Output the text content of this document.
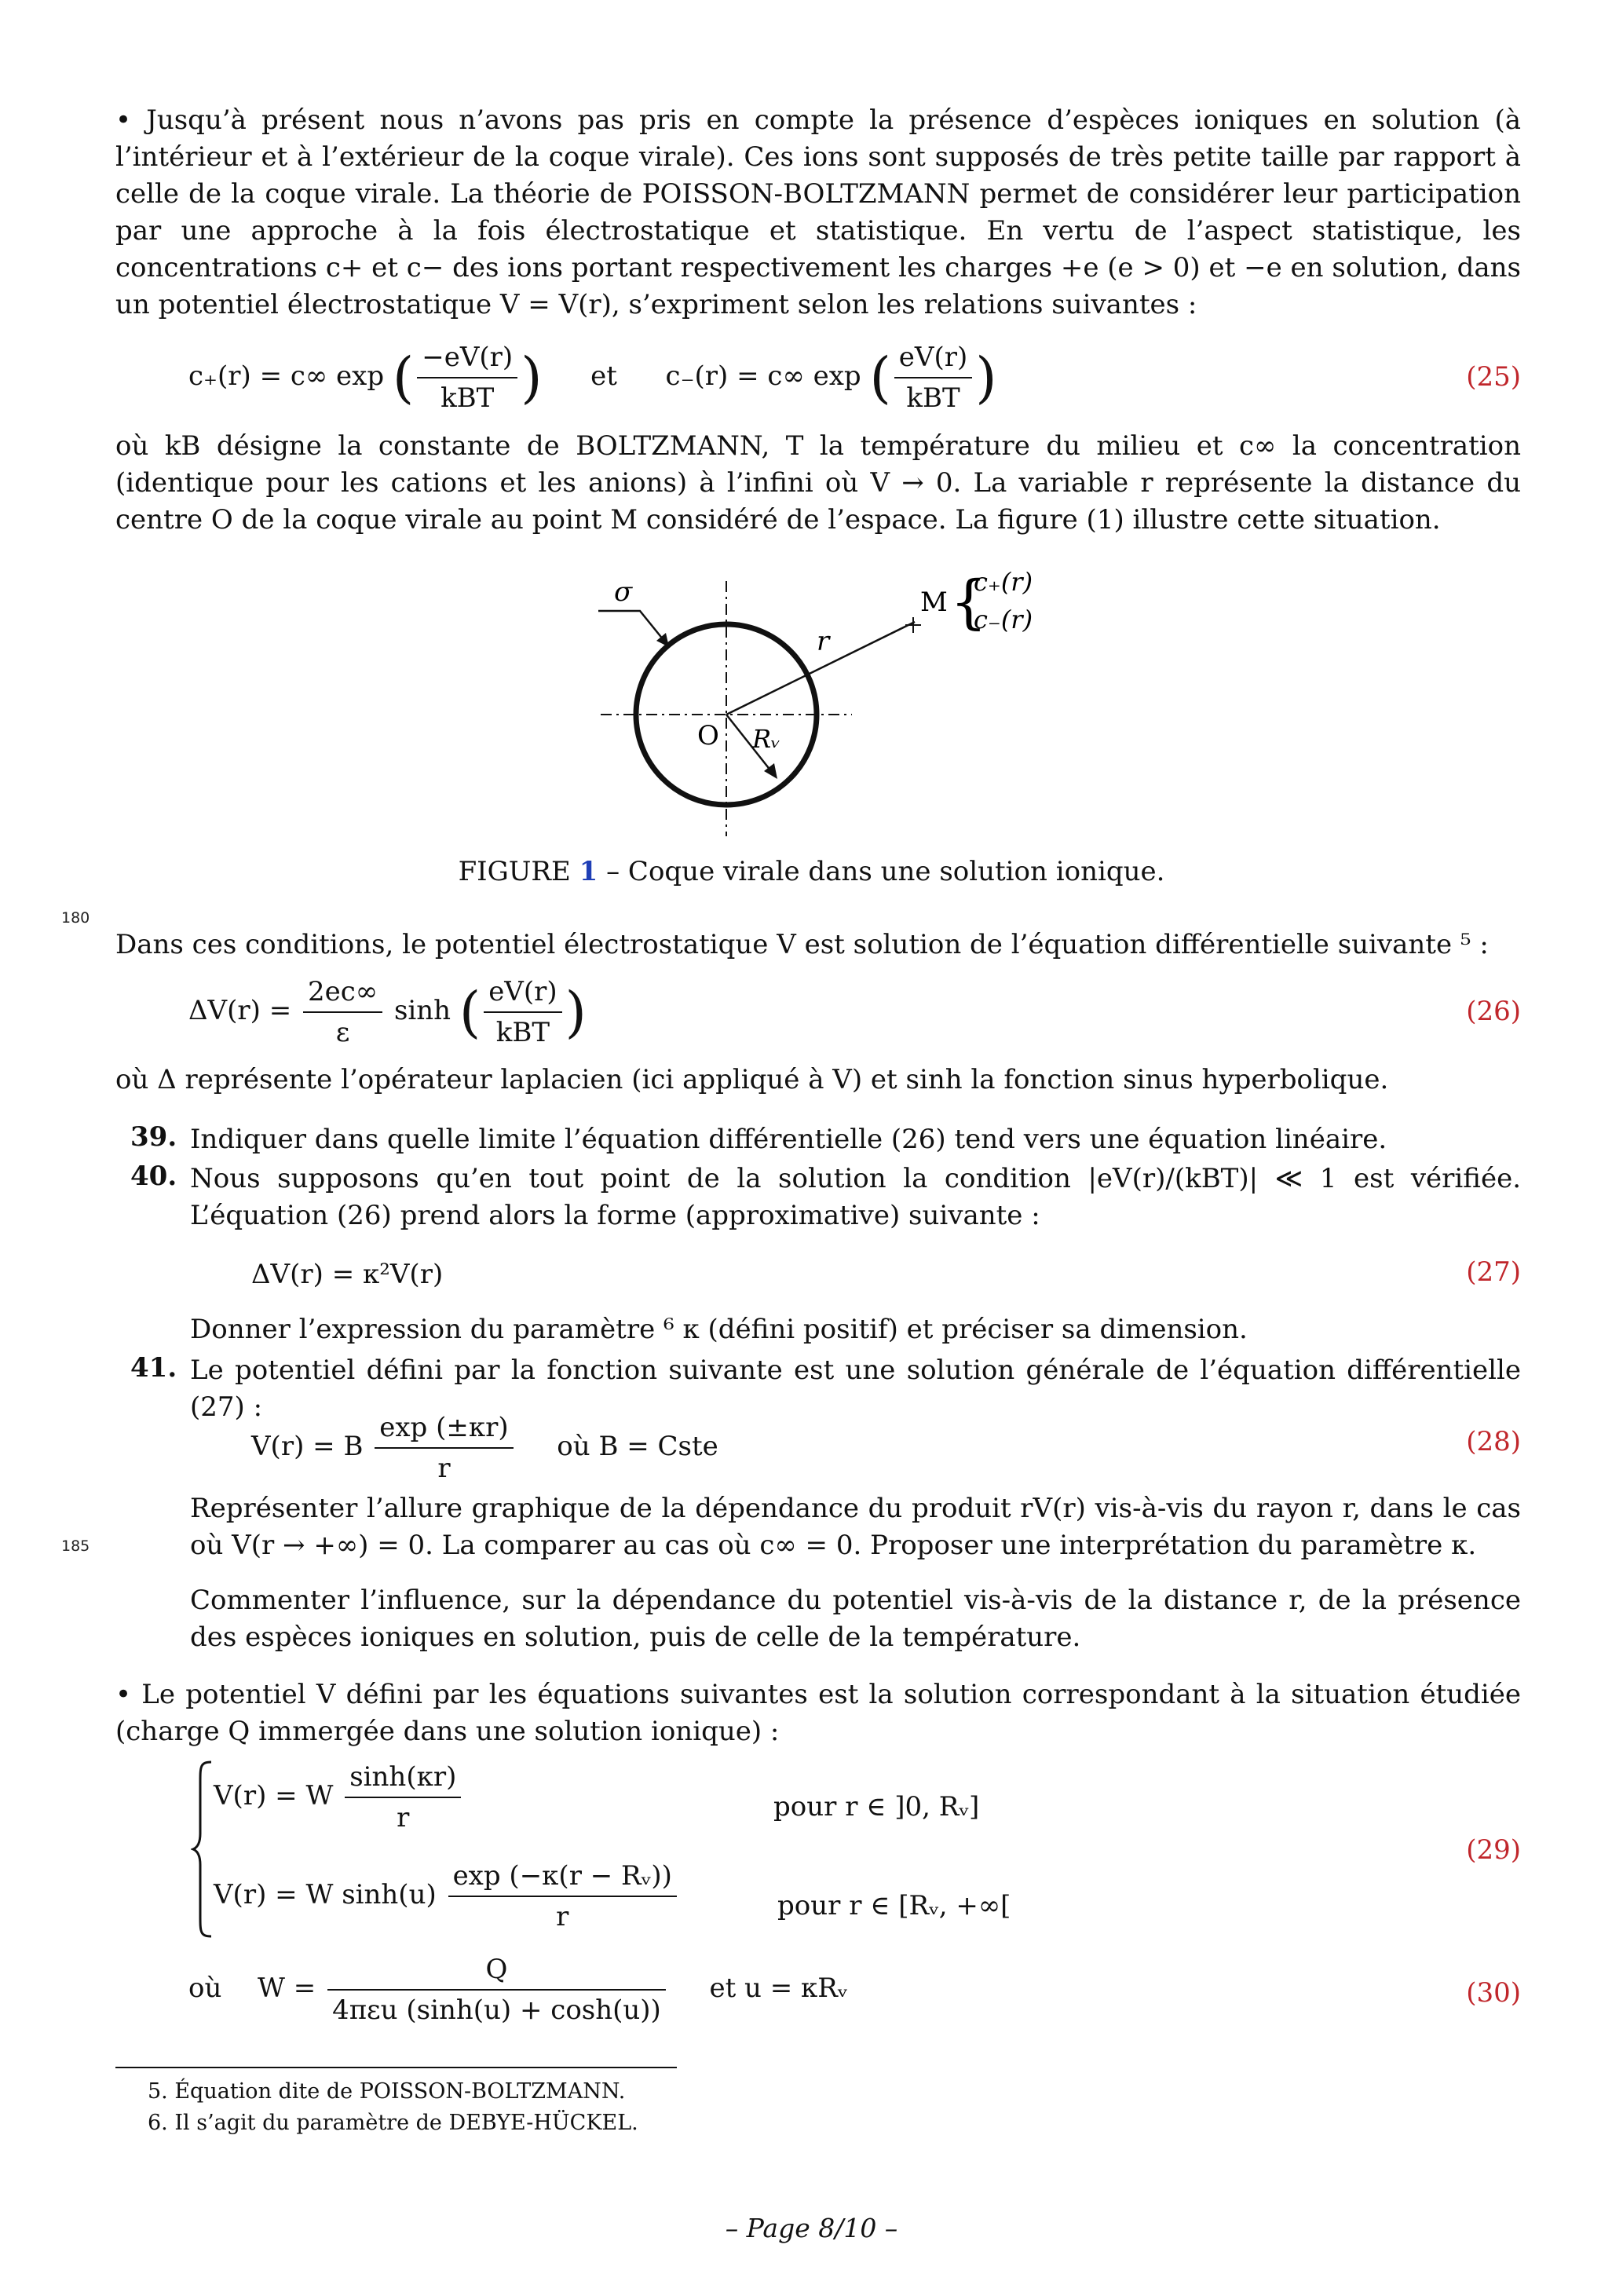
• Jusqu’à présent nous n’avons pas pris en compte la présence d’espèces ioniques en solution (à l’intérieur et à l’extérieur de la coque virale). Ces ions sont supposés de très petite taille par rapport à celle de la coque virale. La théorie de POISSON-BOLTZMANN permet de considérer leur participation par une approche à la fois électrostatique et statistique. En vertu de l’aspect statistique, les concentrations c+ et c− des ions portant respectivement les charges +e (e > 0) et −e en solution, dans un potentiel électrostatique V = V(r), s’expriment selon les relations suivantes :
c₊(r) = c∞ exp ( $\frac{-eV(r)}{\text{kBT}}$ ) et c₋(r) = c∞ exp ( $\frac{eV(r)}{\text{kBT}}$ )	(25)
où kB désigne la constante de BOLTZMANN, T la température du milieu et c∞ la concentration (identique pour les cations et les anions) à l’infini où V → 0. La variable r représente la distance du centre O de la coque virale au point M considéré de l’espace. La figure (1) illustre cette situation.
σ
r
M {
c₊(r)
c₋(r)
O Rᵥ
FIGURE 1 – Coque virale dans une solution ionique.
180
Dans ces conditions, le potentiel électrostatique V est solution de l’équation différentielle suivante ⁵ :
$\Delta V(r) = \frac{2ec\infty}{\varepsilon}$ sinh ( $\frac{eV(r)}{\text{kBT}}$ )	(26)
où Δ représente l’opérateur laplacien (ici appliqué à V) et sinh la fonction sinus hyperbolique.
39. Indiquer dans quelle limite l’équation différentielle (26) tend vers une équation linéaire.
40. Nous supposons qu’en tout point de la solution la condition |eV(r)/(kBT)| ≪ 1 est vérifiée. L’équation (26) prend alors la forme (approximative) suivante :
ΔV(r) = κ²V(r)	(27)
Donner l’expression du paramètre ⁶ κ (défini positif) et préciser sa dimension.
41. Le potentiel défini par la fonction suivante est une solution générale de l’équation différentielle (27) :
V(r) = B $\frac{\exp (\pm\kappa r)}{r}$ où B = Cste	(28)
Représenter l’allure graphique de la dépendance du produit rV(r) vis-à-vis du rayon r, dans le cas où V(r → +∞) = 0. La comparer au cas où c∞ = 0. Proposer une interprétation du paramètre κ.
185
Commenter l’influence, sur la dépendance du potentiel vis-à-vis de la distance r, de la présence des espèces ioniques en solution, puis de celle de la température.
• Le potentiel V défini par les équations suivantes est la solution correspondant à la situation étudiée (charge Q immergée dans une solution ionique) :
V(r) = W $\frac{\sinh(\kappa r)}{r}$	pour r ∈ ]0, Rᵥ]
V(r) = W $\sinh(u) \frac{\text{exp (−κ(r − Rᵥ))}}{r}$	pour r ∈ [Rᵥ, +∞[
(29)
où $W = \frac{Q}{\text{4πεu (sinh(u) + cosh(u))}}$ et u = κRᵥ	(30)
5. Équation dite de POISSON-BOLTZMANN.
6. Il s’agit du paramètre de DEBYE-HÜCKEL.
– Page 8/10 –
